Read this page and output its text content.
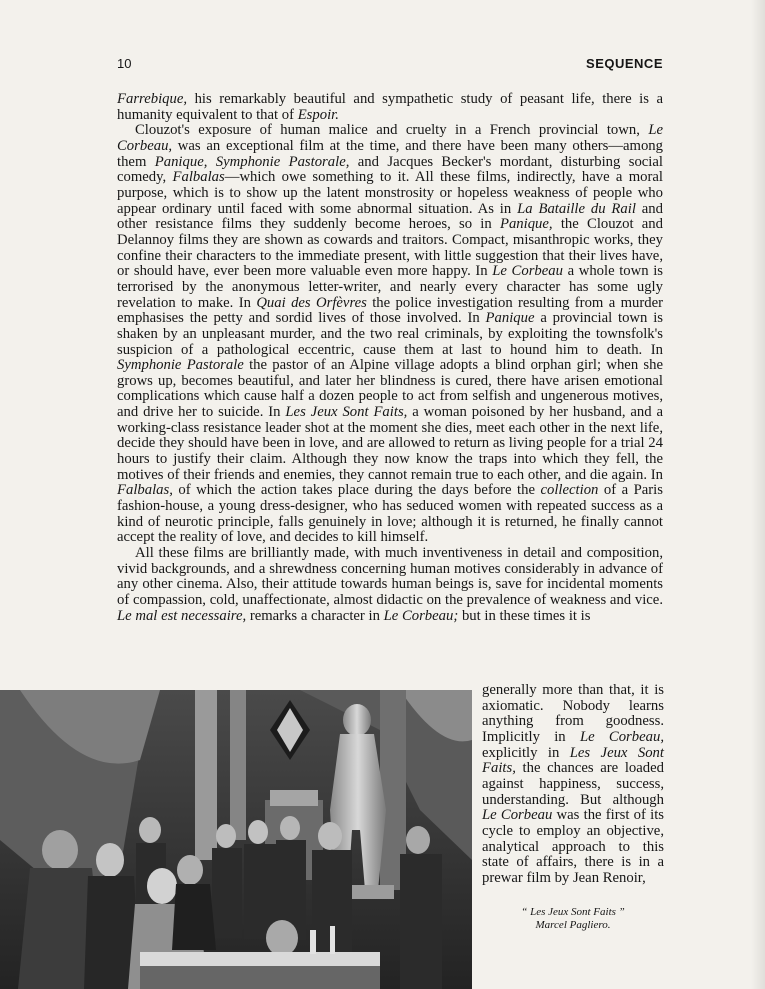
10	SEQUENCE

Farrebique, his remarkably beautiful and sympathetic study of peasant life, there is a humanity equivalent to that of Espoir.

Clouzot's exposure of human malice and cruelty in a French provincial town, Le Corbeau, was an exceptional film at the time, and there have been many others—among them Panique, Symphonie Pastorale, and Jacques Becker's mordant, disturbing social comedy, Falbalas—which owe something to it. All these films, indirectly, have a moral purpose, which is to show up the latent monstrosity or hopeless weakness of people who appear ordinary until faced with some abnormal situation. As in La Bataille du Rail and other resistance films they suddenly become heroes, so in Panique, the Clouzot and Delannoy films they are shown as cowards and traitors. Compact, misanthropic works, they confine their characters to the immediate present, with little suggestion that their lives have, or should have, ever been more valuable even more happy. In Le Corbeau a whole town is terrorised by the anonymous letter-writer, and nearly every character has some ugly revelation to make. In Quai des Orfèvres the police investigation resulting from a murder emphasises the petty and sordid lives of those involved. In Panique a provincial town is shaken by an unpleasant murder, and the two real criminals, by exploiting the townsfolk's suspicion of a pathological eccentric, cause them at last to hound him to death. In Symphonie Pastorale the pastor of an Alpine village adopts a blind orphan girl; when she grows up, becomes beautiful, and later her blindness is cured, there have arisen emotional complications which cause half a dozen people to act from selfish and ungenerous motives, and drive her to suicide. In Les Jeux Sont Faits, a woman poisoned by her husband, and a working-class resistance leader shot at the moment she dies, meet each other in the next life, decide they should have been in love, and are allowed to return as living people for a trial 24 hours to justify their claim. Although they now know the traps into which they fell, the motives of their friends and enemies, they cannot remain true to each other, and die again. In Falbalas, of which the action takes place during the days before the collection of a Paris fashion-house, a young dress-designer, who has seduced women with repeated success as a kind of neurotic principle, falls genuinely in love; although it is returned, he finally cannot accept the reality of love, and decides to kill himself.

All these films are brilliantly made, with much inventiveness in detail and composition, vivid backgrounds, and a shrewdness concerning human motives considerably in advance of any other cinema. Also, their attitude towards human beings is, save for incidental moments of compassion, cold, unaffectionate, almost didactic on the prevalence of weakness and vice. Le mal est necessaire, remarks a character in Le Corbeau; but in these times it is

generally more than that, it is axiomatic. Nobody learns anything from goodness. Implicitly in Le Corbeau, explicitly in Les Jeux Sont Faits, the chances are loaded against happiness, success, understanding. But although Le Corbeau was the first of its cycle to employ an objective, analytical approach to this state of affairs, there is in a prewar film by Jean Renoir,

“ Les Jeux Sont Faits ”
Marcel Pagliero.
